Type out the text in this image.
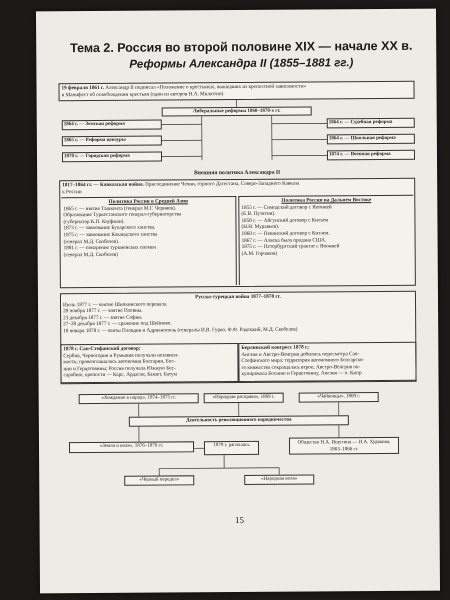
Тема 2. Россия во второй половине XIX — начале XX в.
Реформы Александра II (1855–1881 гг.)
19 февраля 1861 г. Александр II подписал «Положение о крестьянах, вышедших из крепостной зависимости»
и Манифест об освобождении крестьян (один из авторов Н.А. Милютин)
Либеральные реформы 1860–1870-х гг.
1864 г. — Земская реформа
1865 г. — Реформа цензуры
1870 г. — Городская реформа
1864 г. — Судебная реформа
1864 г. — Школьная реформа
1874 г. — Военная реформа
Внешняя политика Александра II
1817–1864 гг. — Кавказская война. Присоединение Чечни, горного Дагестана, Северо-Западного Кавказа
к России
Политика России в Средней Азии
1865 г. — взятие Ташкента (генерал М.Г. Черняев).
Образование Туркестанского генерал-губернаторства
(губернатор К.П. Кауфман).
1873 г. — завоевание Бухарского ханства.
1875 г. — завоевание Кокандского ханства
(генерал М.Д. Скобелев).
1881 г. — покорение туркменских племен
(генерал М.Д. Скобелев)
Политика России на Дальнем Востоке
1855 г. — Симодский договор с Японией
(Е.В. Путятин).
1858 г. — Айгунский договор с Китаем
(Н.Н. Муравьев).
1860 г. — Пекинский договор с Китаем.
1867 г. — Аляска была продана США.
1875 г. — Петербургский трактат с Японией
(А.М. Горчаков)
Русско-турецкая война 1877–1878 гг.
Июль 1877 г. — взятие Шипкинского перевала.
28 ноября 1877 г. — взятие Плевны.
23 декабря 1877 г. — взятие Софии.
27–28 декабря 1877 г. — сражение под Шейново.
18 января 1878 г. — взяты Пловдив и Адрианополь (генералы И.В. Гурко, Ф.Ф. Радецкий, М.Д. Скобелев)
1878 г. Сан-Стефанский договор:
Сербия, Черногория и Румыния получали независи-
мость; провозглашалась автономия Болгарии, Бос-
нии и Герцеговины; Россия получала Южную Бес-
сарабию, крепости — Карс, Ардаган, Баязет, Батум
Берлинский конгресс 1878 г.:
Англия и Австро-Венгрия добились пересмотра Сан-
Стефанского мира: территория автономного Болгарско-
го княжества сокращалась втрое; Австро-Венгрия ок-
купировала Боснию и Герцеговину, Англия — о. Кипр
«Хождение в народ», 1874–1875 гг.	«Народная расправа», 1869 г.	«Чайковцы», 1869 г.
Деятельность революционного народничества
«Земля и воля», 1876–1879 гг.	1879 г. распалась	Общество Н.А. Ишутина — И.А. Худякова, 1863–1866 гг.
«Черный передел»	«Народная воля»
15
